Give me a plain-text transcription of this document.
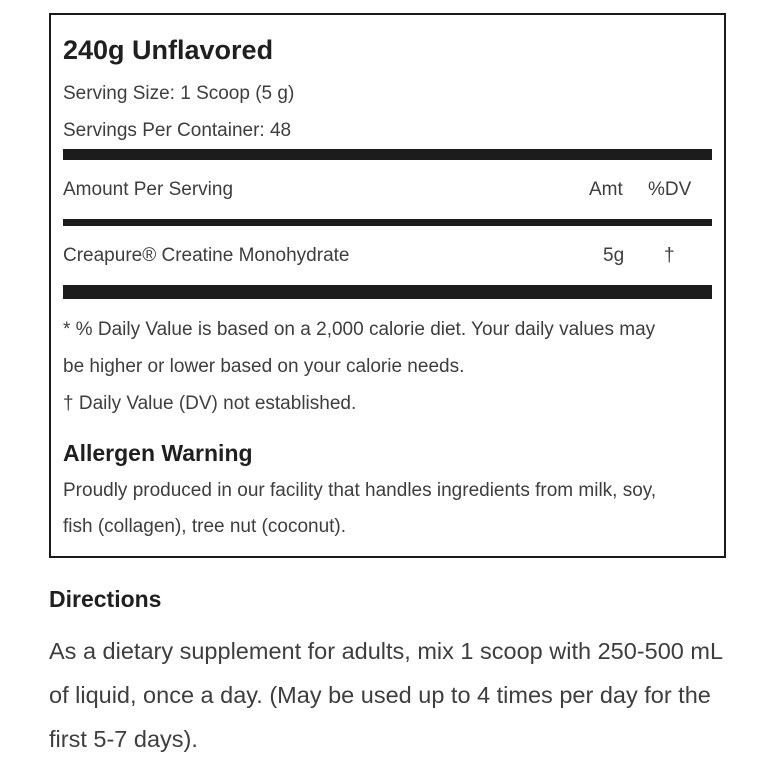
240g Unflavored
Serving Size: 1 Scoop (5 g)
Servings Per Container: 48
Amount Per Serving	Amt %DV
Creapure® Creatine Monohydrate	5g †
* % Daily Value is based on a 2,000 calorie diet. Your daily values may
be higher or lower based on your calorie needs.
† Daily Value (DV) not established.
Allergen Warning
Proudly produced in our facility that handles ingredients from milk, soy,
fish (collagen), tree nut (coconut).
Directions
As a dietary supplement for adults, mix 1 scoop with 250-500 mL of liquid, once a day. (May be used up to 4 times per day for the first 5-7 days).
